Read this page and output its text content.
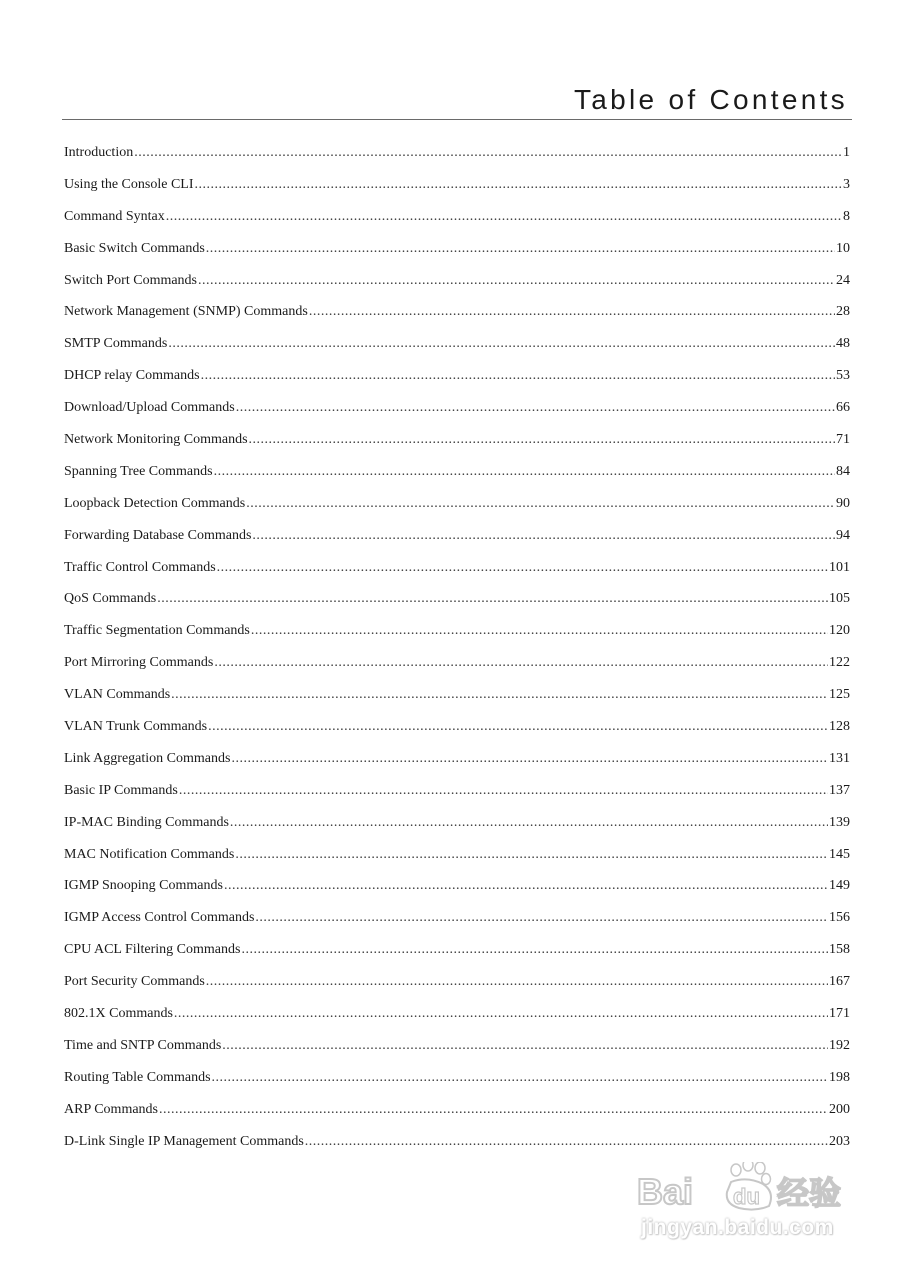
Table of Contents
Introduction .....	1
Using the Console CLI .....	3
Command Syntax .....	8
Basic Switch Commands .....	10
Switch Port Commands .....	24
Network Management (SNMP) Commands .....	28
SMTP Commands .....	48
DHCP relay Commands .....	53
Download/Upload Commands .....	66
Network Monitoring Commands .....	71
Spanning Tree Commands .....	84
Loopback Detection Commands .....	90
Forwarding Database Commands .....	94
Traffic Control Commands .....	101
QoS Commands .....	105
Traffic Segmentation Commands .....	120
Port Mirroring Commands .....	122
VLAN Commands .....	125
VLAN Trunk Commands .....	128
Link Aggregation Commands .....	131
Basic IP Commands .....	137
IP-MAC Binding Commands .....	139
MAC Notification Commands .....	145
IGMP Snooping Commands .....	149
IGMP Access Control Commands .....	156
CPU ACL Filtering Commands .....	158
Port Security Commands .....	167
802.1X Commands .....	171
Time and SNTP Commands .....	192
Routing Table Commands .....	198
ARP Commands .....	200
D-Link Single IP Management Commands .....	203
Bai du 经验
jingyan.baidu.com
